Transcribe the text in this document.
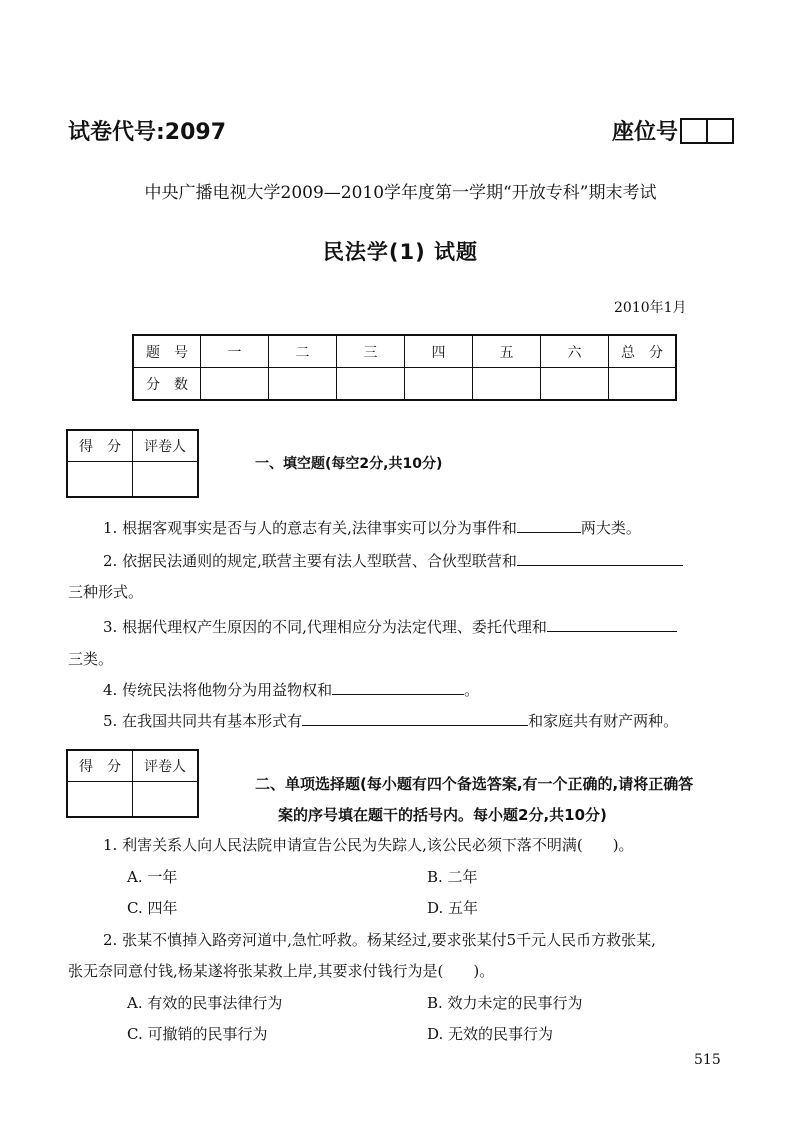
试卷代号:2097	座位号
中央广播电视大学2009—2010学年度第一学期“开放专科”期末考试
民法学(1) 试题
2010年1月
题　号	一	二	三	四	五	六	总　分
分　数							
得　分	评卷人

一、填空题(每空2分,共10分)
1. 根据客观事实是否与人的意志有关,法律事实可以分为事件和	两大类。
2. 依据民法通则的规定,联营主要有法人型联营、合伙型联营和
三种形式。
3. 根据代理权产生原因的不同,代理相应分为法定代理、委托代理和
三类。
4. 传统民法将他物分为用益物权和	。
5. 在我国共同共有基本形式有	和家庭共有财产两种。
得　分	评卷人

二、单项选择题(每小题有四个备选答案,有一个正确的,请将正确答
案的序号填在题干的括号内。每小题2分,共10分)
1. 利害关系人向人民法院申请宣告公民为失踪人,该公民必须下落不明满(　　)。
A. 一年	B. 二年
C. 四年	D. 五年
2. 张某不慎掉入路旁河道中,急忙呼救。杨某经过,要求张某付5千元人民币方救张某,
张无奈同意付钱,杨某遂将张某救上岸,其要求付钱行为是(　　)。
A. 有效的民事法律行为	B. 效力未定的民事行为
C. 可撤销的民事行为	D. 无效的民事行为
515
